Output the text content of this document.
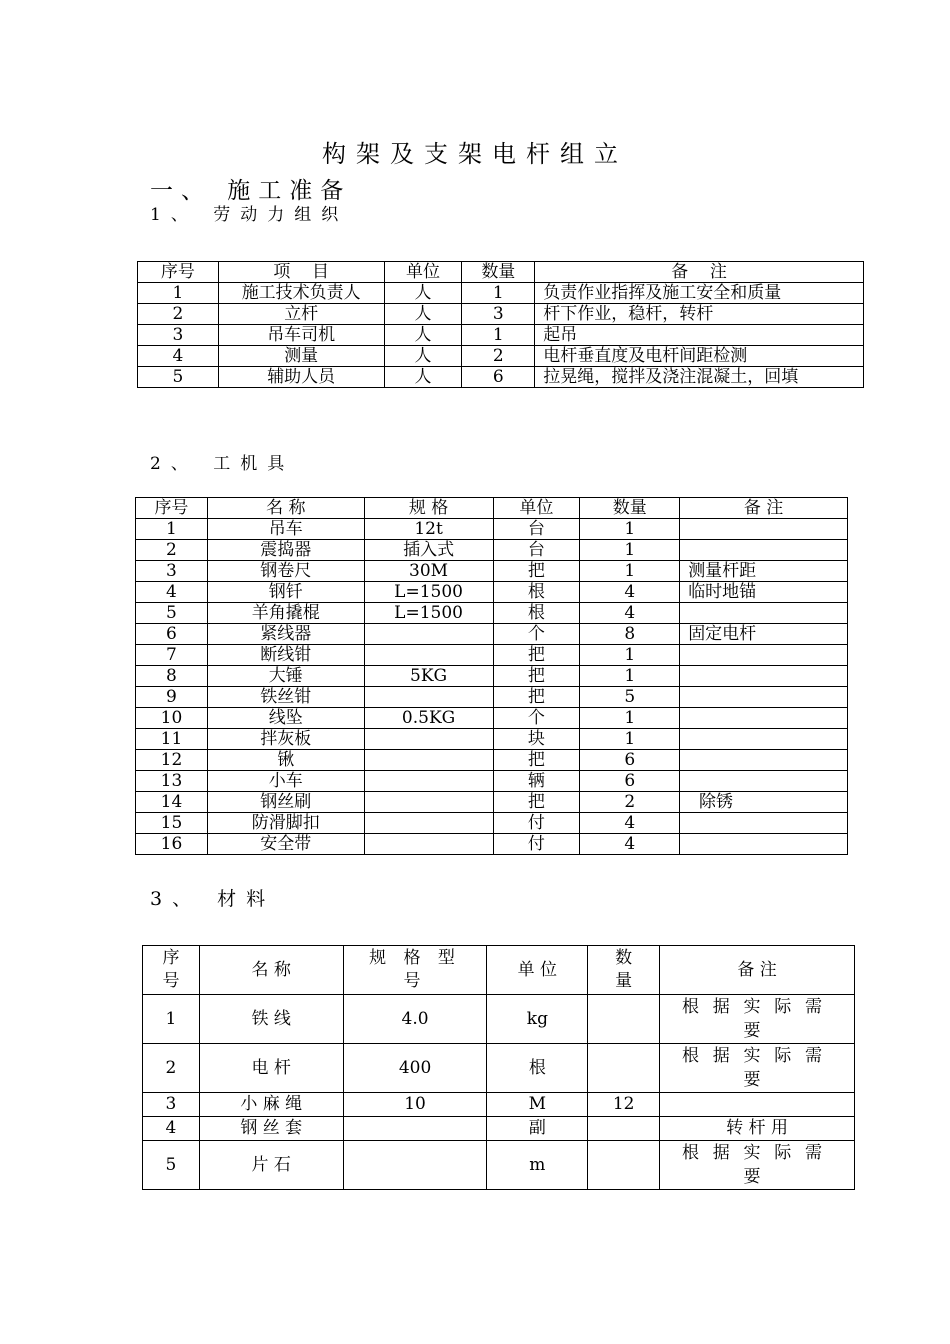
构架及支架电杆组立
一、 施工准备
1、 劳动力组织
序号	项    目	单位	数量	备    注
1	施工技术负责人	人	1	负责作业指挥及施工安全和质量
2	立杆	人	3	杆下作业，稳杆，转杆
3	吊车司机	人	1	起吊
4	测量	人	2	电杆垂直度及电杆间距检测
5	辅助人员	人	6	拉晃绳，搅拌及浇注混凝土，回填
2、 工机具
序号	名 称	规 格	单位	数量	备 注
1	吊车	12t	台	1	
2	震捣器	插入式	台	1	
3	钢卷尺	30M	把	1	测量杆距
4	钢钎	L=1500	根	4	临时地锚
5	羊角撬棍	L=1500	根	4	
6	紧线器		个	8	固定电杆
7	断线钳		把	1	
8	大锤	5KG	把	1	
9	铁丝钳		把	5	
10	线坠	0.5KG	个	1	
11	拌灰板		块	1	
12	锹		把	6	
13	小车		辆	6	
14	钢丝刷		把	2	除锈
15	防滑脚扣		付	4	
16	安全带		付	4	
3、 材料
序号	名 称	规 格 型号	单 位	数量	备 注
1	铁 线	4.0	kg		根据实际需要
2	电 杆	400	根		根据实际需要
3	小 麻 绳	10	M	12	
4	钢 丝 套		副		转 杆 用
5	片 石		m		根据实际需要
